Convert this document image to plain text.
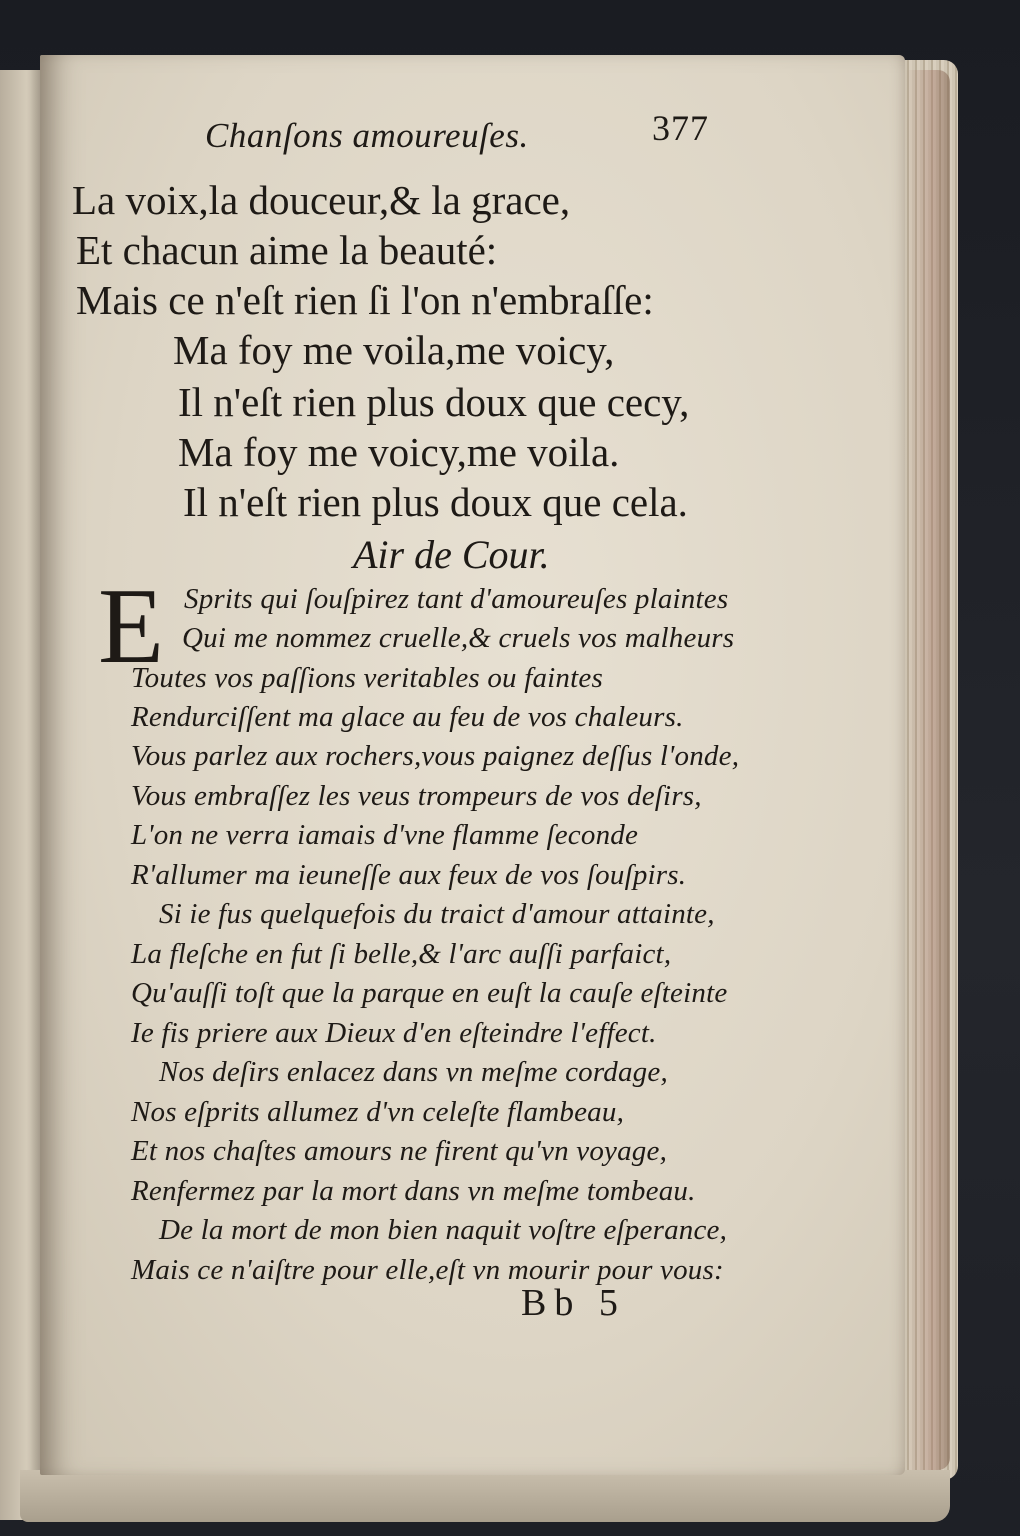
Chanſons amoureuſes.	377
La voix,la douceur,& la grace,
Et chacun aime la beauté:
Mais ce n'eſt rien ſi l'on n'embraſſe:
Ma foy me voila,me voicy,
Il n'eſt rien plus doux que cecy,
Ma foy me voicy,me voila.
Il n'eſt rien plus doux que cela.
Air de Cour.
E Sprits qui ſouſpirez tant d'amoureuſes plaintes
Qui me nommez cruelle,& cruels vos malheurs
Toutes vos paſſions veritables ou faintes
Rendurciſſent ma glace au feu de vos chaleurs.
Vous parlez aux rochers,vous paignez deſſus l'onde,
Vous embraſſez les veus trompeurs de vos deſirs,
L'on ne verra iamais d'vne flamme ſeconde
R'allumer ma ieuneſſe aux feux de vos ſouſpirs.
Si ie fus quelquefois du traict d'amour attainte,
La fleſche en fut ſi belle,& l'arc auſſi parfaict,
Qu'auſſi toſt que la parque en euſt la cauſe eſteinte
Ie fis priere aux Dieux d'en eſteindre l'effect.
Nos deſirs enlacez dans vn meſme cordage,
Nos eſprits allumez d'vn celeſte flambeau,
Et nos chaſtes amours ne firent qu'vn voyage,
Renfermez par la mort dans vn meſme tombeau.
De la mort de mon bien naquit voſtre eſperance,
Mais ce n'aiſtre pour elle,eſt vn mourir pour vous:
Bb 5
